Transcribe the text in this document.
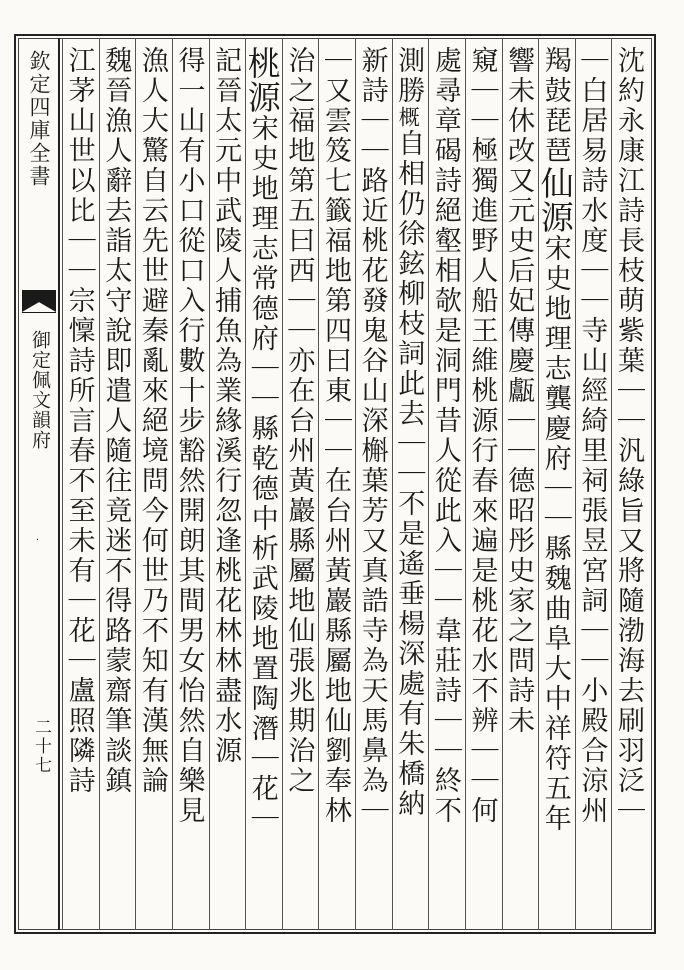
欽定四庫全書
御定佩文韻府
·
二十七	沈約永康江詩長枝萌紫葉｜｜汎綠旨又將隨渤海去刷羽泛｜
｜白居易詩水度｜｜寺山經綺里祠張昱宮詞｜｜小殿合涼州
羯鼓琵琶仙源宋史地理志龔慶府｜｜縣魏曲阜大中祥符五年
響未休改又元史后妃傳慶甗｜｜德昭彤史家之問詩未
窺｜｜極獨進野人船王維桃源行春來遍是桃花水不辨｜｜何
處尋章碣詩絕壑相欹是洞門昔人從此入｜｜韋莊詩｜｜終不
測勝概自相仍徐鉉柳枝詞此去｜｜不是遙垂楊深處有朱橋納
新詩｜｜路近桃花發鬼谷山深槲葉芳又真誥寺為天馬鼻為｜
｜又雲笈七籤福地第四曰東｜｜在台州黃巖縣屬地仙劉奉林
治之福地第五曰西｜｜亦在台州黃巖縣屬地仙張兆期治之
桃源宋史地理志常德府｜｜縣乾德中析武陵地置陶潛｜花｜
記晉太元中武陵人捕魚為業緣溪行忽逢桃花林林盡水源
得一山有小口從口入行數十步豁然開朗其間男女怡然自樂見
漁人大驚自云先世避秦亂來絕境問今何世乃不知有漢無論
魏晉漁人辭去詣太守說即遣人隨往竟迷不得路蒙齋筆談鎮
江茅山世以比｜｜宗懍詩所言春不至未有｜花｜盧照隣詩
